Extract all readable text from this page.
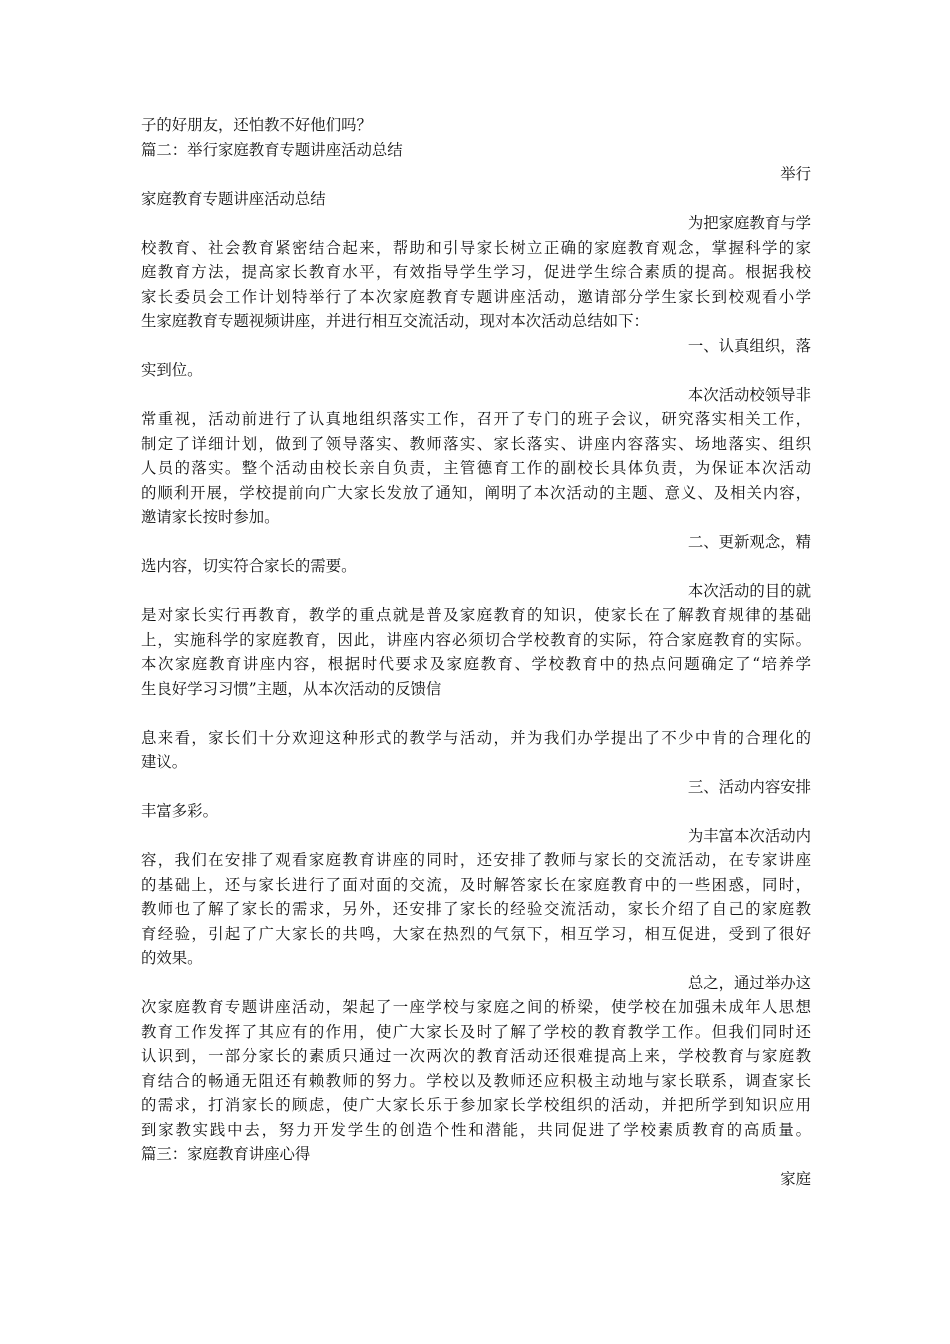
子的好朋友，还怕教不好他们吗？
篇二：举行家庭教育专题讲座活动总结
举行
家庭教育专题讲座活动总结
为把家庭教育与学
校教育、社会教育紧密结合起来，帮助和引导家长树立正确的家庭教育观念，掌握科学的家
庭教育方法，提高家长教育水平，有效指导学生学习，促进学生综合素质的提高。根据我校
家长委员会工作计划特举行了本次家庭教育专题讲座活动，邀请部分学生家长到校观看小学
生家庭教育专题视频讲座，并进行相互交流活动，现对本次活动总结如下：
一、认真组织，落
实到位。
本次活动校领导非
常重视，活动前进行了认真地组织落实工作，召开了专门的班子会议，研究落实相关工作，
制定了详细计划，做到了领导落实、教师落实、家长落实、讲座内容落实、场地落实、组织
人员的落实。整个活动由校长亲自负责，主管德育工作的副校长具体负责，为保证本次活动
的顺利开展，学校提前向广大家长发放了通知，阐明了本次活动的主题、意义、及相关内容，
邀请家长按时参加。
二、更新观念，精
选内容，切实符合家长的需要。
本次活动的目的就
是对家长实行再教育，教学的重点就是普及家庭教育的知识，使家长在了解教育规律的基础
上，实施科学的家庭教育，因此，讲座内容必须切合学校教育的实际，符合家庭教育的实际。
本次家庭教育讲座内容，根据时代要求及家庭教育、学校教育中的热点问题确定了“培养学
生良好学习习惯”主题，从本次活动的反馈信
息来看，家长们十分欢迎这种形式的教学与活动，并为我们办学提出了不少中肯的合理化的
建议。
三、活动内容安排
丰富多彩。
为丰富本次活动内
容，我们在安排了观看家庭教育讲座的同时，还安排了教师与家长的交流活动，在专家讲座
的基础上，还与家长进行了面对面的交流，及时解答家长在家庭教育中的一些困惑，同时，
教师也了解了家长的需求，另外，还安排了家长的经验交流活动，家长介绍了自己的家庭教
育经验，引起了广大家长的共鸣，大家在热烈的气氛下，相互学习，相互促进，受到了很好
的效果。
总之，通过举办这
次家庭教育专题讲座活动，架起了一座学校与家庭之间的桥梁，使学校在加强未成年人思想
教育工作发挥了其应有的作用，使广大家长及时了解了学校的教育教学工作。但我们同时还
认识到，一部分家长的素质只通过一次两次的教育活动还很难提高上来，学校教育与家庭教
育结合的畅通无阻还有赖教师的努力。学校以及教师还应积极主动地与家长联系，调查家长
的需求，打消家长的顾虑，使广大家长乐于参加家长学校组织的活动，并把所学到知识应用
到家教实践中去，努力开发学生的创造个性和潜能，共同促进了学校素质教育的高质量。
篇三：家庭教育讲座心得
家庭
